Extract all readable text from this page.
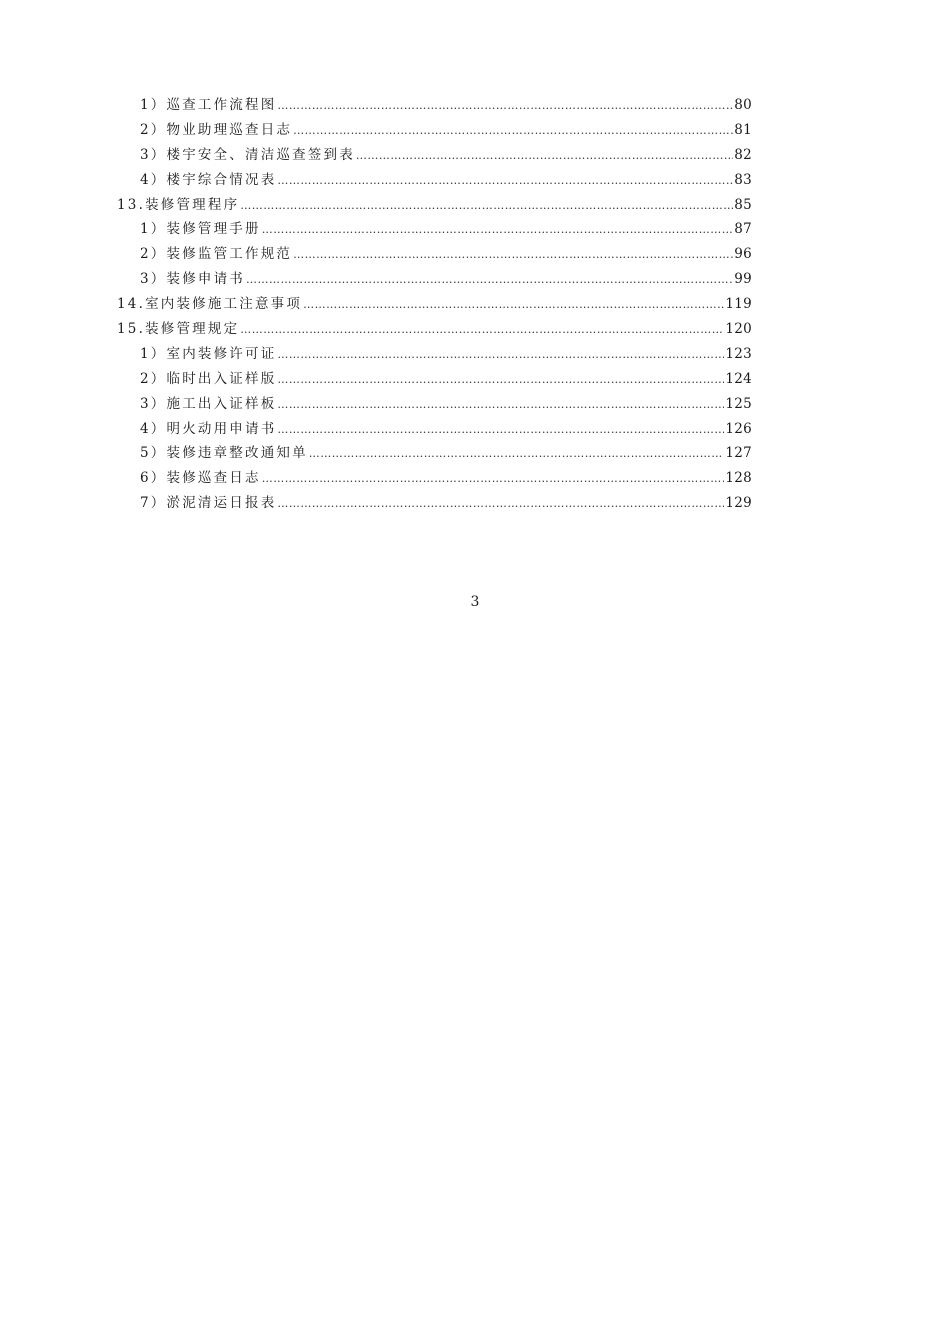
1）巡查工作流程图 ………………………………………………………………………………………………………………………………………………………………………………	80
2）物业助理巡查日志 ………………………………………………………………………………………………………………………………………………………………………………	81
3）楼宇安全、清洁巡查签到表 ………………………………………………………………………………………………………………………………………………………………………………	82
4）楼宇综合情况表 ………………………………………………………………………………………………………………………………………………………………………………	83
13.装修管理程序 ………………………………………………………………………………………………………………………………………………………………………………	85
1）装修管理手册 ………………………………………………………………………………………………………………………………………………………………………………	87
2）装修监管工作规范 ………………………………………………………………………………………………………………………………………………………………………………	96
3）装修申请书 ………………………………………………………………………………………………………………………………………………………………………………	99
14.室内装修施工注意事项 ………………………………………………………………………………………………………………………………………………………………………………	119
15.装修管理规定 ………………………………………………………………………………………………………………………………………………………………………………	120
1）室内装修许可证 ………………………………………………………………………………………………………………………………………………………………………………	123
2）临时出入证样版 ………………………………………………………………………………………………………………………………………………………………………………	124
3）施工出入证样板 ………………………………………………………………………………………………………………………………………………………………………………	125
4）明火动用申请书 ………………………………………………………………………………………………………………………………………………………………………………	126
5）装修违章整改通知单 ………………………………………………………………………………………………………………………………………………………………………………	127
6）装修巡查日志 ………………………………………………………………………………………………………………………………………………………………………………	128
7）淤泥清运日报表 ………………………………………………………………………………………………………………………………………………………………………………	129
3
